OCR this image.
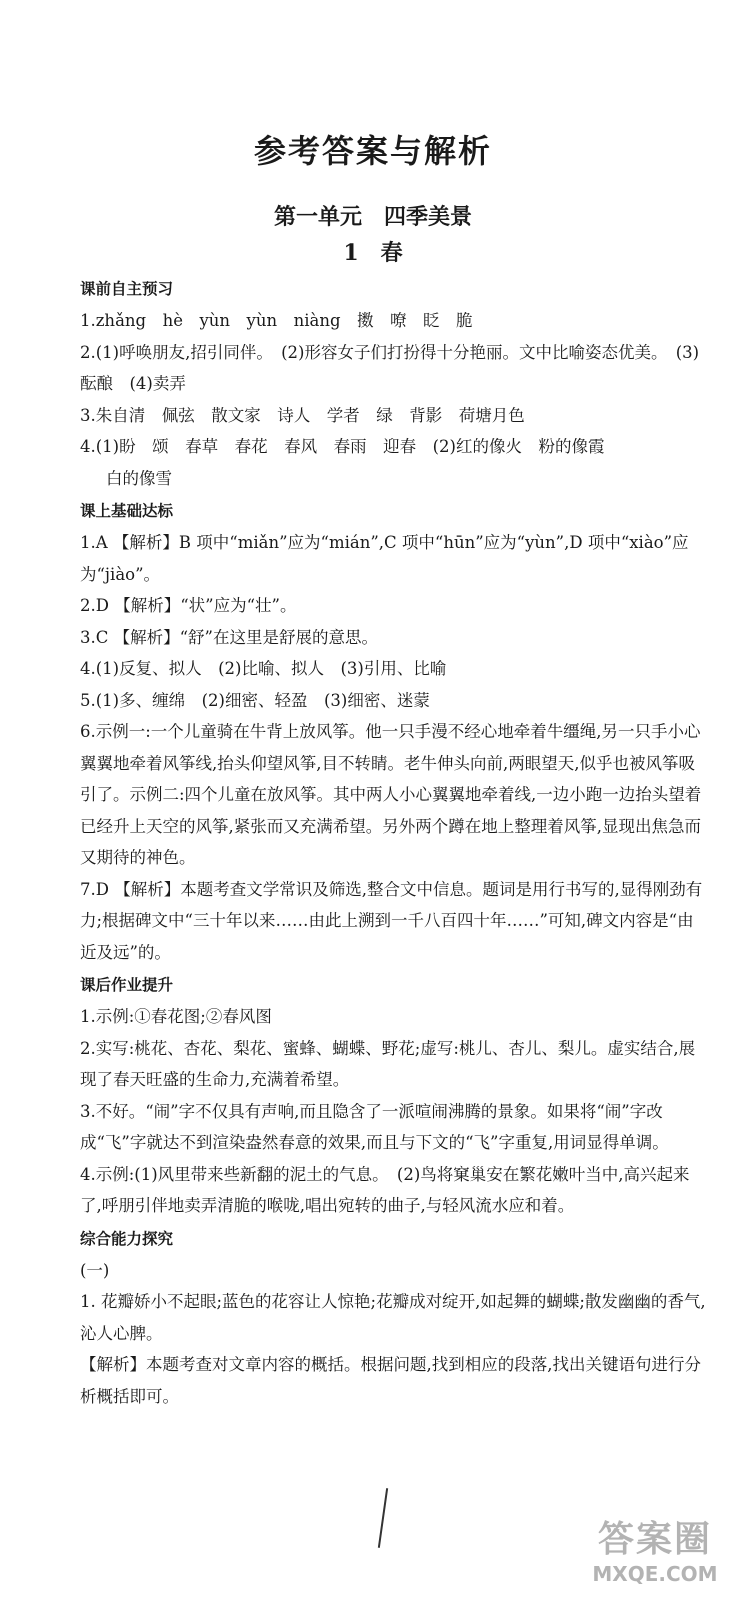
参考答案与解析
第一单元　四季美景
1　春
课前自主预习

1.zhǎng　hè　yùn　yùn　niàng　擞　嘹　眨　脆

2.(1)呼唤朋友,招引同伴。　(2)形容女子们打扮得十分艳丽。文中比喻姿态优美。　(3)酝酿　(4)卖弄

3.朱自清　佩弦　散文家　诗人　学者　绿　背影　荷塘月色

4.(1)盼　颂　春草　春花　春风　春雨　迎春　(2)红的像火　粉的像霞

白的像雪

课上基础达标

1.A 【解析】B 项中“miǎn”应为“mián”,C 项中“hūn”应为“yùn”,D 项中“xiào”应为“jiào”。

2.D 【解析】“状”应为“壮”。

3.C 【解析】“舒”在这里是舒展的意思。

4.(1)反复、拟人　(2)比喻、拟人　(3)引用、比喻

5.(1)多、缠绵　(2)细密、轻盈　(3)细密、迷蒙

6.示例一:一个儿童骑在牛背上放风筝。他一只手漫不经心地牵着牛缰绳,另一只手小心翼翼地牵着风筝线,抬头仰望风筝,目不转睛。老牛伸头向前,两眼望天,似乎也被风筝吸引了。示例二:四个儿童在放风筝。其中两人小心翼翼地牵着线,一边小跑一边抬头望着已经升上天空的风筝,紧张而又充满希望。另外两个蹲在地上整理着风筝,显现出焦急而又期待的神色。

7.D 【解析】本题考查文学常识及筛选,整合文中信息。题词是用行书写的,显得刚劲有力;根据碑文中“三十年以来……由此上溯到一千八百四十年……”可知,碑文内容是“由近及远”的。

课后作业提升

1.示例:①春花图;②春风图

2.实写:桃花、杏花、梨花、蜜蜂、蝴蝶、野花;虚写:桃儿、杏儿、梨儿。虚实结合,展现了春天旺盛的生命力,充满着希望。

3.不好。“闹”字不仅具有声响,而且隐含了一派喧闹沸腾的景象。如果将“闹”字改成“飞”字就达不到渲染盎然春意的效果,而且与下文的“飞”字重复,用词显得单调。

4.示例:(1)风里带来些新翻的泥土的气息。　(2)鸟将窠巢安在繁花嫩叶当中,高兴起来了,呼朋引伴地卖弄清脆的喉咙,唱出宛转的曲子,与轻风流水应和着。

综合能力探究

(一)

1. 花瓣娇小不起眼;蓝色的花容让人惊艳;花瓣成对绽开,如起舞的蝴蝶;散发幽幽的香气,沁人心脾。

【解析】本题考查对文章内容的概括。根据问题,找到相应的段落,找出关键语句进行分析概括即可。

答案圈
MXQE.COM
